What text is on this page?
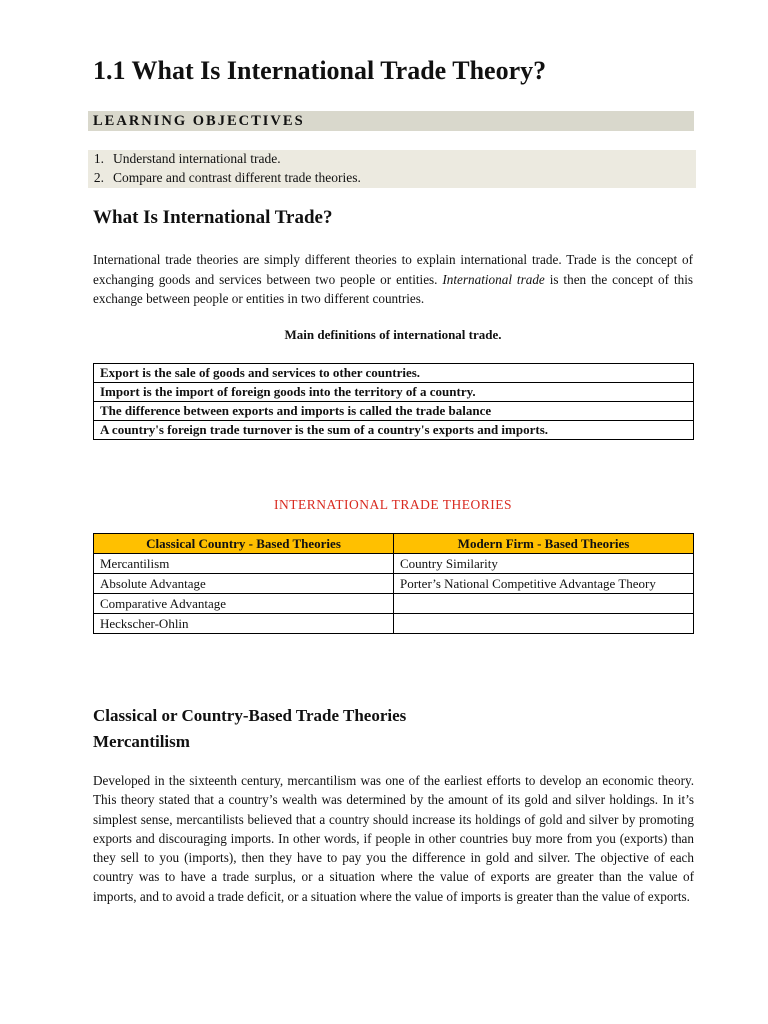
1.1 What Is International Trade Theory?
LEARNING OBJECTIVES
1. Understand international trade.
2. Compare and contrast different trade theories.
What Is International Trade?
International trade theories are simply different theories to explain international trade. Trade is the concept of exchanging goods and services between two people or entities. International trade is then the concept of this exchange between people or entities in two different countries.
Main definitions of international trade.
Export is the sale of goods and services to other countries.
Import is the import of foreign goods into the territory of a country.
The difference between exports and imports is called the trade balance
A country's foreign trade turnover is the sum of a country's exports and imports.
INTERNATIONAL TRADE THEORIES
Classical Country - Based Theories	Modern Firm - Based Theories
Mercantilism	Country Similarity
Absolute Advantage	Porter’s National Competitive Advantage Theory
Comparative Advantage	
Heckscher-Ohlin	
Classical or Country-Based Trade Theories
Mercantilism
Developed in the sixteenth century, mercantilism was one of the earliest efforts to develop an economic theory. This theory stated that a country’s wealth was determined by the amount of its gold and silver holdings. In it’s simplest sense, mercantilists believed that a country should increase its holdings of gold and silver by promoting exports and discouraging imports. In other words, if people in other countries buy more from you (exports) than they sell to you (imports), then they have to pay you the difference in gold and silver. The objective of each country was to have a trade surplus, or a situation where the value of exports are greater than the value of imports, and to avoid a trade deficit, or a situation where the value of imports is greater than the value of exports.
